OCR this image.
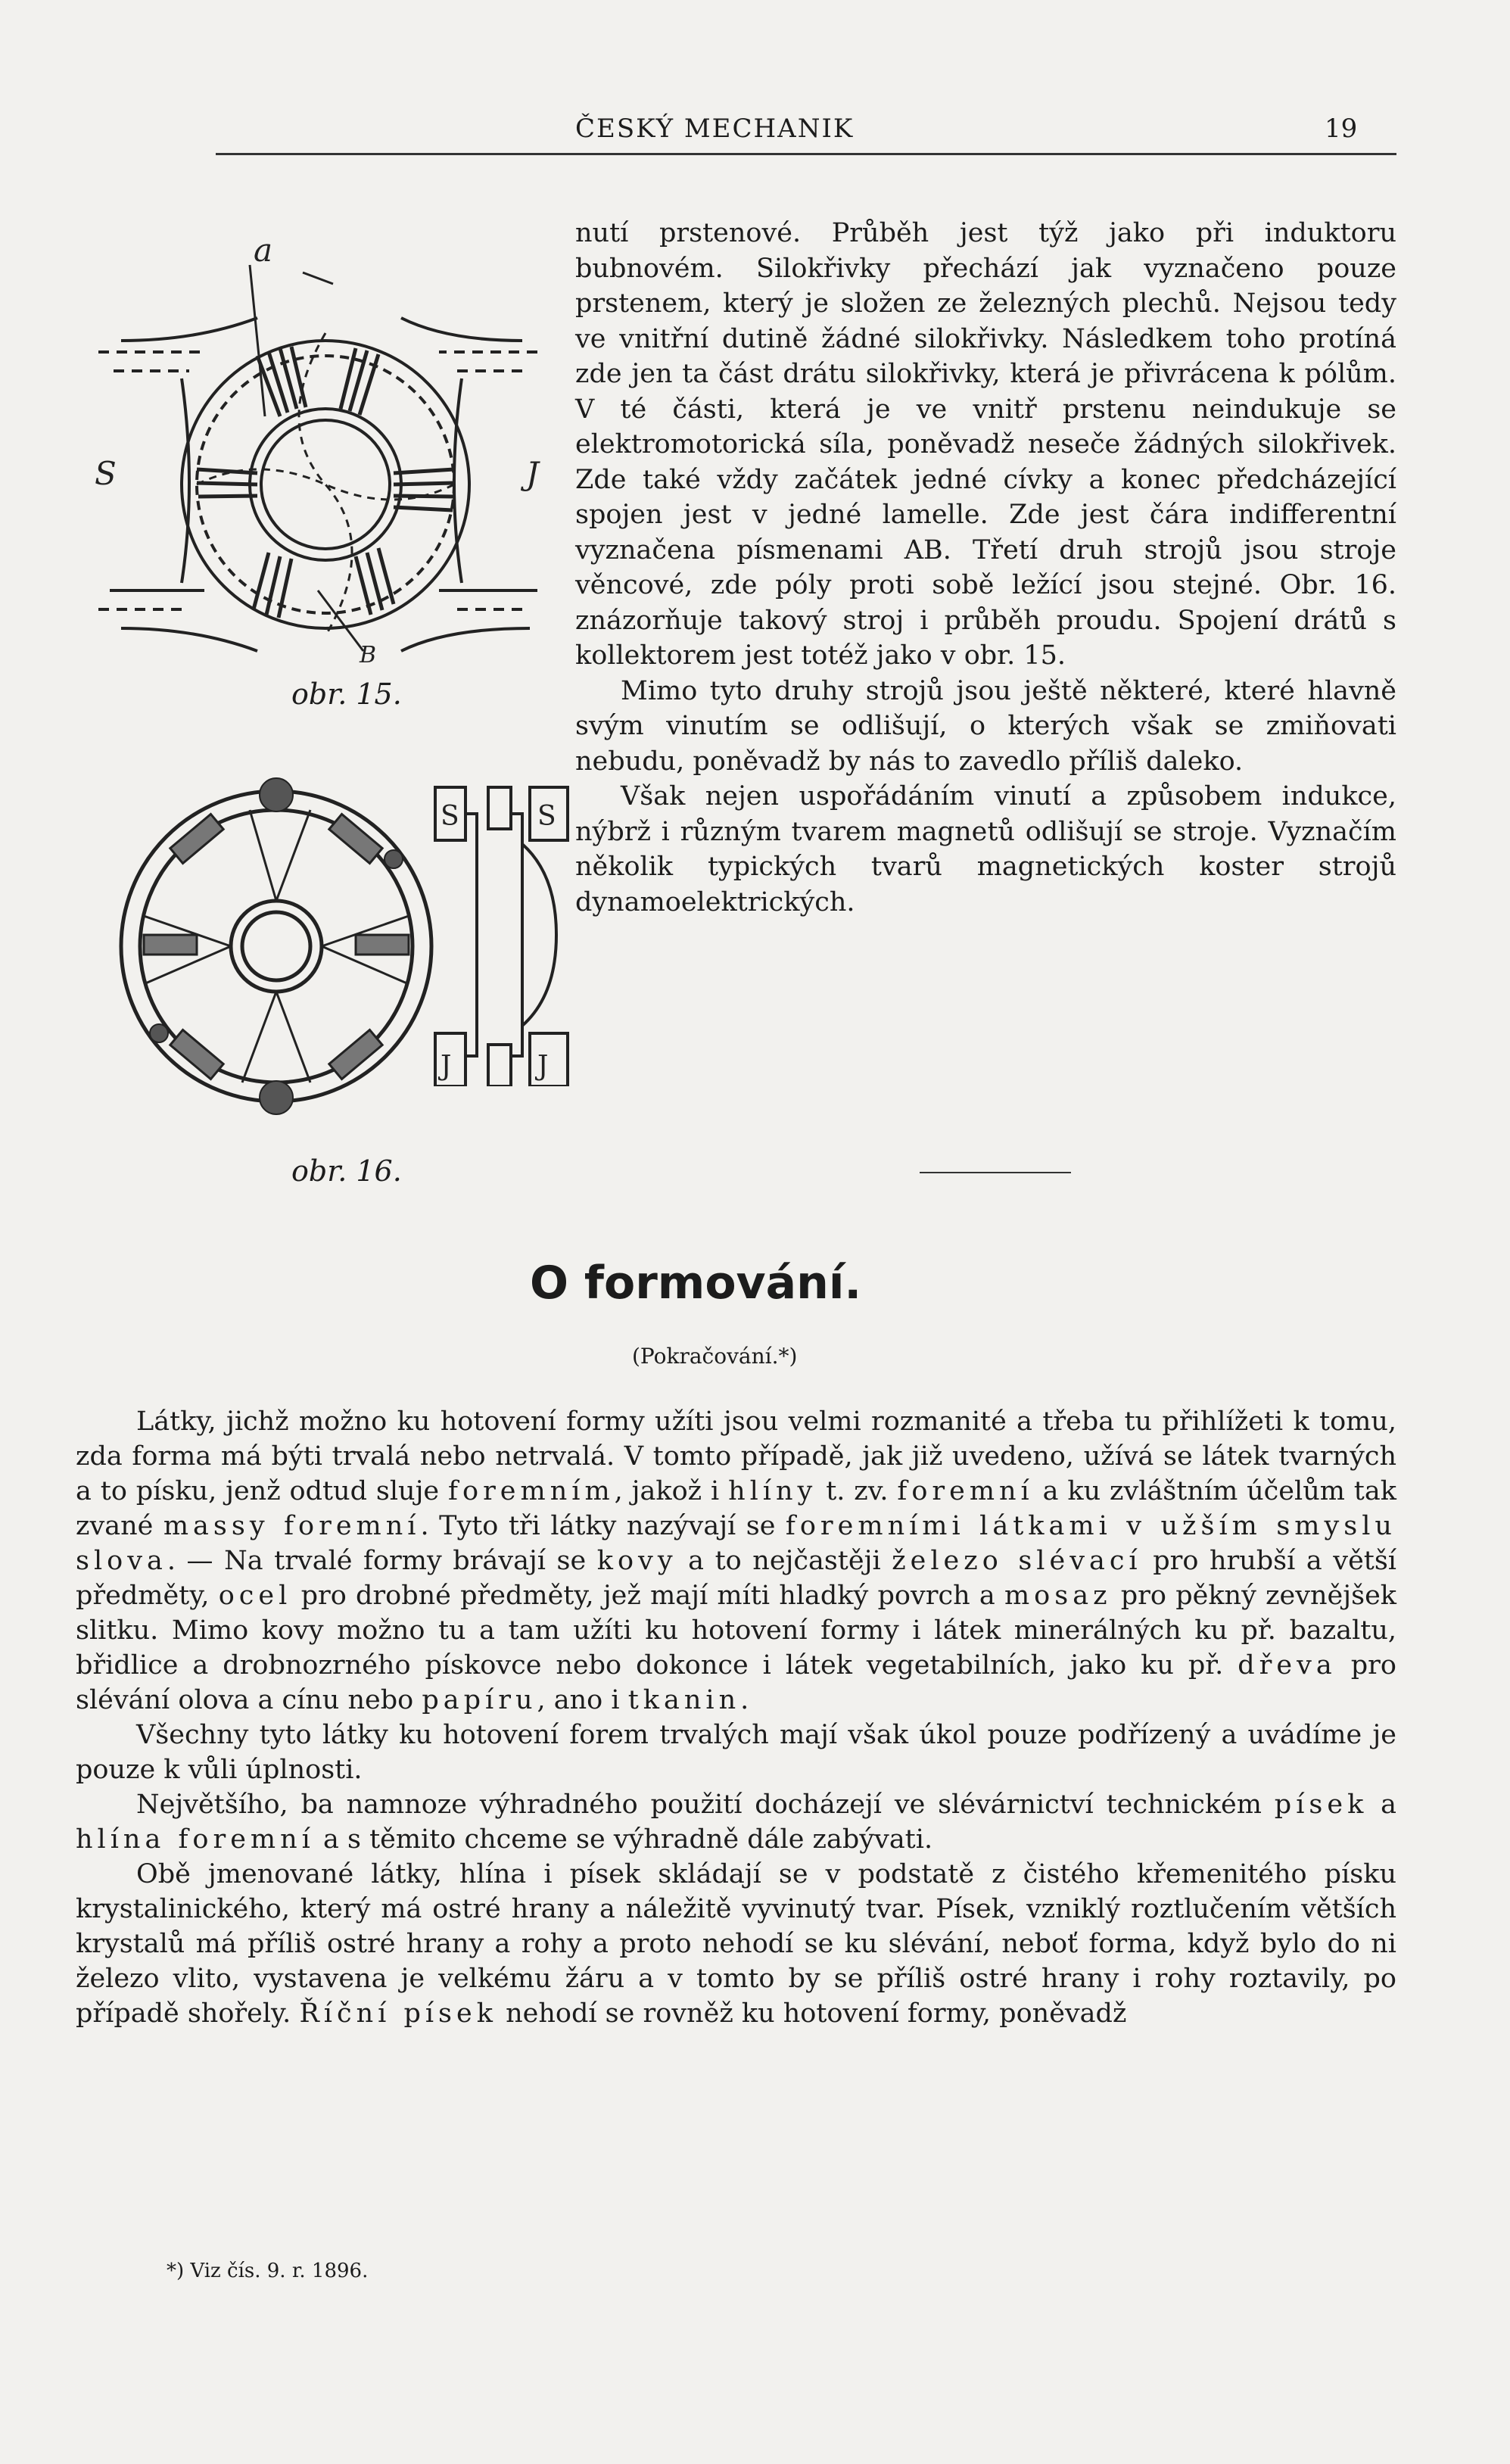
ČESKÝ MECHANIK	19
a
S	J
B
obr. 15.
S	S
J	J
obr. 16.

nutí prstenové. Průběh jest týž jako při induktoru bubnovém. Silokřivky přechází jak vyznačeno pouze prstenem, který je složen ze železných plechů. Nejsou tedy ve vnitřní dutině žádné silokřivky. Následkem toho protíná zde jen ta část drátu silokřivky, která je přivrácena k pólům. V té části, která je ve vnitř prstenu neindukuje se elektromotorická síla, poněvadž neseče žádných silokřivek. Zde také vždy začátek jedné cívky a konec předcházející spojen jest v jedné lamelle. Zde jest čára indifferentní vyznačena písmenami AB. Třetí druh strojů jsou stroje věncové, zde póly proti sobě ležící jsou stejné. Obr. 16. znázorňuje takový stroj i průběh proudu. Spojení drátů s kollektorem jest totéž jako v obr. 15.

Mimo tyto druhy strojů jsou ještě některé, které hlavně svým vinutím se odlišují, o kterých však se zmiňovati nebudu, poněvadž by nás to zavedlo příliš daleko.

Však nejen uspořádáním vinutí a způsobem indukce, nýbrž i různým tvarem magnetů odlišují se stroje. Vyznačím několik typických tvarů magnetických koster strojů dynamoelektrických.

O formování.
(Pokračování.*)

Látky, jichž možno ku hotovení formy užíti jsou velmi rozmanité a třeba tu přihlížeti k tomu, zda forma má býti trvalá nebo netrvalá. V tomto případě, jak již uvedeno, užívá se látek tvarných a to písku, jenž odtud sluje foremním, jakož i hlíny t. zv. foremní a ku zvláštním účelům tak zvané massy foremní. Tyto tři látky nazývají se foremními látkami v užším smyslu slova. — Na trvalé formy brávají se kovy a to nejčastěji železo slévací pro hrubší a větší předměty, ocel pro drobné předměty, jež mají míti hladký povrch a mosaz pro pěkný zevnějšek slitku. Mimo kovy možno tu a tam užíti ku hotovení formy i látek minerálných ku př. bazaltu, břidlice a drobnozrného pískovce nebo dokonce i látek vegetabilních, jako ku př. dřeva pro slévání olova a cínu nebo papíru, ano i tkanin.

Všechny tyto látky ku hotovení forem trvalých mají však úkol pouze podřízený a uvádíme je pouze k vůli úplnosti.

Největšího, ba namnoze výhradného použití docházejí ve slévárnictví technickém písek a hlína foremní a s těmito chceme se výhradně dále zabývati.

Obě jmenované látky, hlína i písek skládají se v podstatě z čistého křemenitého písku krystalinického, který má ostré hrany a náležitě vyvinutý tvar. Písek, vzniklý roztlučením větších krystalů má příliš ostré hrany a rohy a proto nehodí se ku slévání, neboť forma, když bylo do ni železo vlito, vystavena je velkému žáru a v tomto by se příliš ostré hrany i rohy roztavily, po případě shořely. Říční písek nehodí se rovněž ku hotovení formy, poněvadž

*) Viz čís. 9. r. 1896.
